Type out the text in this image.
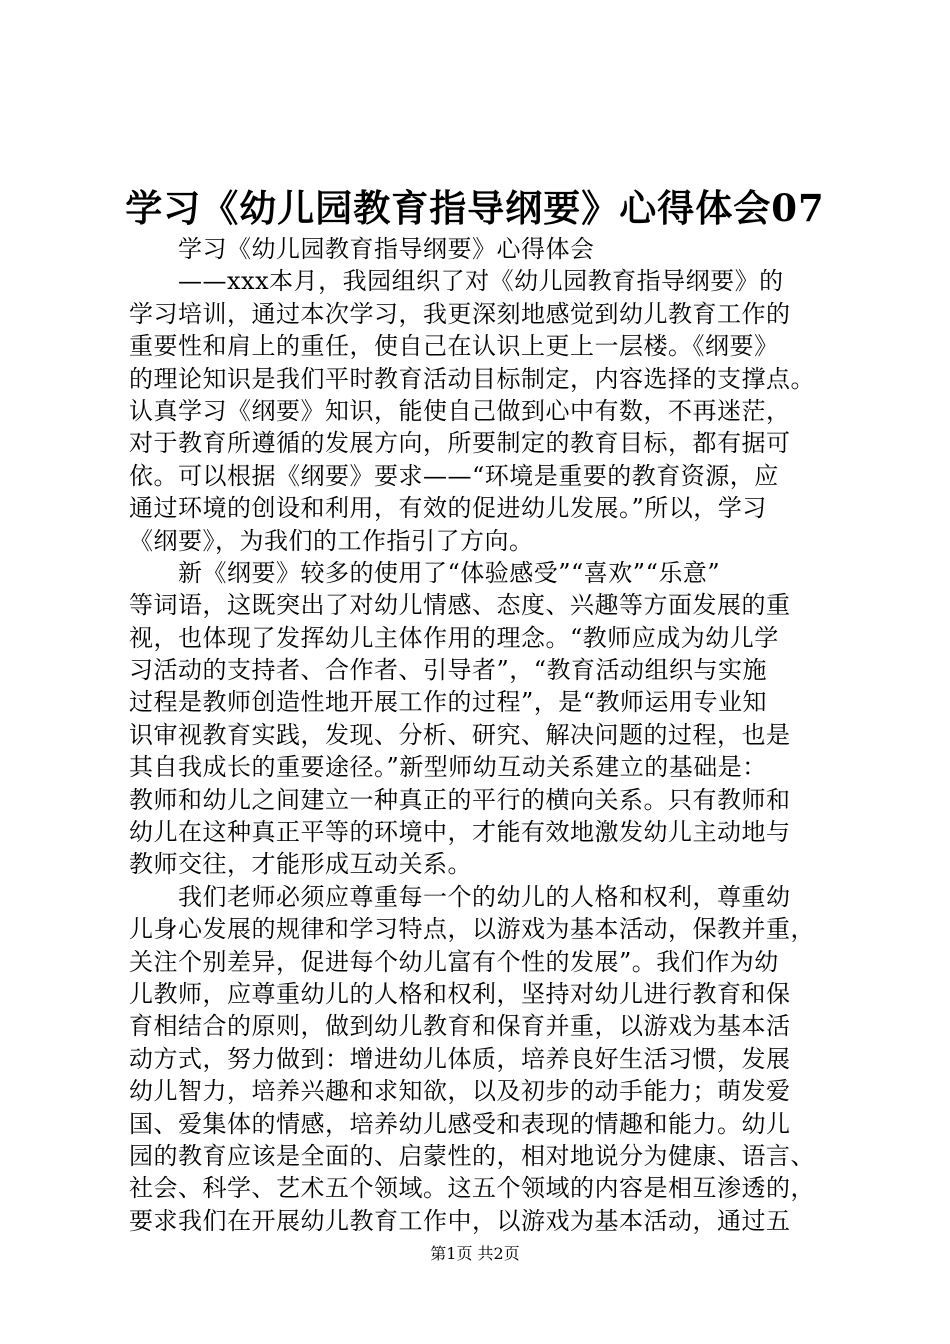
学习《幼儿园教育指导纲要》心得体会07
学习《幼儿园教育指导纲要》心得体会
——xxx本月，我园组织了对《幼儿园教育指导纲要》的
学习培训，通过本次学习，我更深刻地感觉到幼儿教育工作的
重要性和肩上的重任，使自己在认识上更上一层楼。《纲要》
的理论知识是我们平时教育活动目标制定，内容选择的支撑点。
认真学习《纲要》知识，能使自己做到心中有数，不再迷茫，
对于教育所遵循的发展方向，所要制定的教育目标，都有据可
依。可以根据《纲要》要求——“环境是重要的教育资源，应
通过环境的创设和利用，有效的促进幼儿发展。”所以，学习
《纲要》，为我们的工作指引了方向。
新《纲要》较多的使用了“体验感受”“喜欢”“乐意”
等词语，这既突出了对幼儿情感、态度、兴趣等方面发展的重
视，也体现了发挥幼儿主体作用的理念。“教师应成为幼儿学
习活动的支持者、合作者、引导者”，“教育活动组织与实施
过程是教师创造性地开展工作的过程”，是“教师运用专业知
识审视教育实践，发现、分析、研究、解决问题的过程，也是
其自我成长的重要途径。”新型师幼互动关系建立的基础是：
教师和幼儿之间建立一种真正的平行的横向关系。只有教师和
幼儿在这种真正平等的环境中，才能有效地激发幼儿主动地与
教师交往，才能形成互动关系。
我们老师必须应尊重每一个的幼儿的人格和权利，尊重幼
儿身心发展的规律和学习特点，以游戏为基本活动，保教并重，
关注个别差异，促进每个幼儿富有个性的发展”。我们作为幼
儿教师，应尊重幼儿的人格和权利，坚持对幼儿进行教育和保
育相结合的原则，做到幼儿教育和保育并重，以游戏为基本活
动方式，努力做到：增进幼儿体质，培养良好生活习惯，发展
幼儿智力，培养兴趣和求知欲，以及初步的动手能力；萌发爱
国、爱集体的情感，培养幼儿感受和表现的情趣和能力。幼儿
园的教育应该是全面的、启蒙性的，相对地说分为健康、语言、
社会、科学、艺术五个领域。这五个领域的内容是相互渗透的，
要求我们在开展幼儿教育工作中，以游戏为基本活动，通过五
第1页 共2页
